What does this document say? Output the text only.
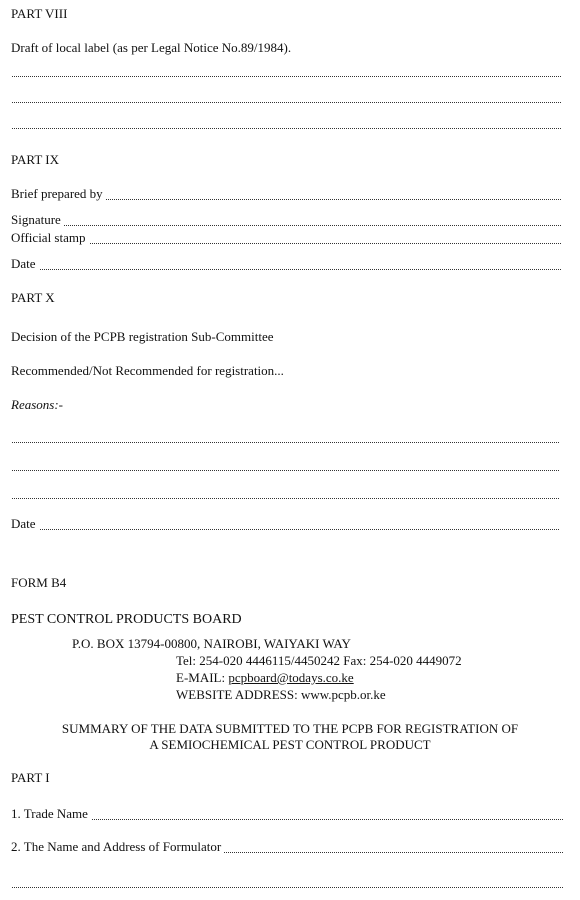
PART VIII
Draft of local label (as per Legal Notice No.89/1984).
PART IX
Brief prepared by
Signature
Official stamp
Date
PART X
Decision of the PCPB registration Sub-Committee
Recommended/Not Recommended for registration...
Reasons:-
Date
FORM B4
PEST CONTROL PRODUCTS BOARD
P.O. BOX 13794-00800, NAIROBI, WAIYAKI WAY
Tel: 254-020 4446115/4450242 Fax: 254-020 4449072
E-MAIL: pcpboard@todays.co.ke
WEBSITE ADDRESS: www.pcpb.or.ke
SUMMARY OF THE DATA SUBMITTED TO THE PCPB FOR REGISTRATION OF
A SEMIOCHEMICAL PEST CONTROL PRODUCT
PART I
1. Trade Name
2. The Name and Address of Formulator
